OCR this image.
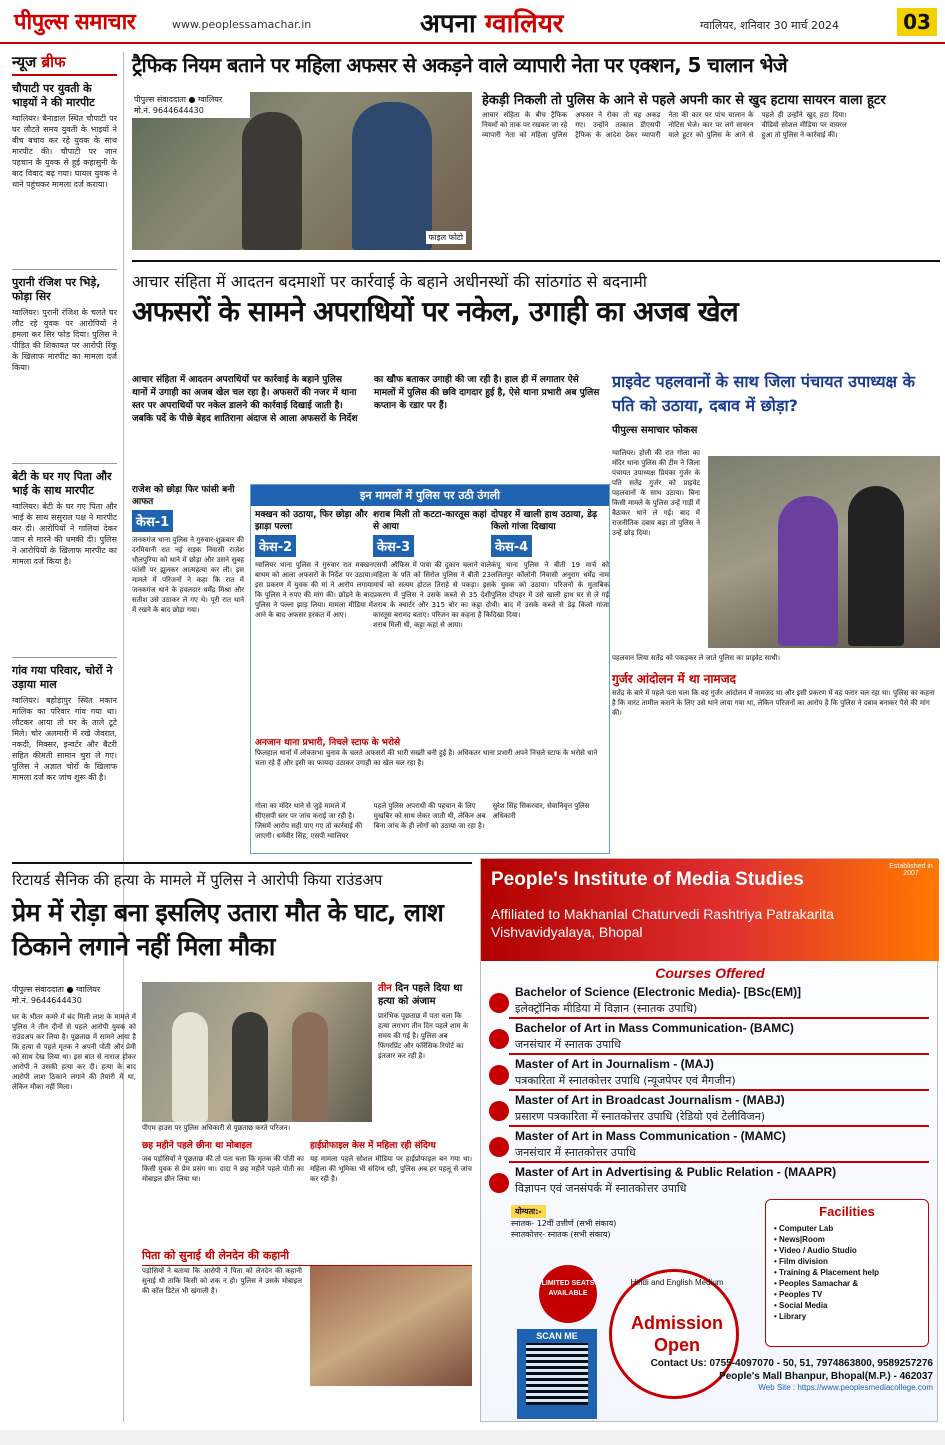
पीपुल्स समाचार	www.peoplessamachar.in	अपना ग्वालियर	ग्वालियर, शनिवार 30 मार्च 2024	03
न्यूज ब्रीफ
चौपाटी पर युवती के भाइयों ने की मारपीट
ग्वालियर। बैनाडाल स्थित चौपाटी पर घर लौटते समय युवती के भाइयों ने बीच बचाव कर रहे युवक के साथ मारपीट की। चौपाटी पर जान पहचान के युवक से हुई कहासुनी के बाद विवाद बढ़ गया। घायल युवक ने थाने पहुंचकर मामला दर्ज कराया।
पुरानी रंजिश पर भिड़े, फोड़ा सिर
ग्वालियर। पुरानी रंजिश के चलते घर लौट रहे युवक पर आरोपियों ने हमला कर सिर फोड़ दिया। पुलिस ने पीड़ित की शिकायत पर आरोपी रिंकू के खिलाफ मारपीट का मामला दर्ज किया।
बेटी के घर गए पिता और भाई के साथ मारपीट
ग्वालियर। बेटी के घर गए पिता और भाई के साथ ससुराल पक्ष ने मारपीट कर दी। आरोपियों ने गालियां देकर जान से मारने की धमकी दी। पुलिस ने आरोपियों के खिलाफ मारपीट का मामला दर्ज किया है।
गांव गया परिवार, चोरों ने उड़ाया माल
ग्वालियर। बहोड़ापुर स्थित मकान मालिक का परिवार गांव गया था। लौटकर आया तो घर के ताले टूटे मिले। चोर अलमारी में रखे जेवरात, नकदी, मिक्सर, इन्वर्टर और बैटरी सहित कीमती सामान चुरा ले गए। पुलिस ने अज्ञात चोरों के खिलाफ मामला दर्ज कर जांच शुरू की है।
ट्रैफिक नियम बताने पर महिला अफसर से अकड़ने वाले व्यापारी नेता पर एक्शन, 5 चालान भेजे
फाइल फोटो
पीपुल्स संवाददाता ● ग्वालियर
मो.नं. 9644644430
हेकड़ी निकली तो पुलिस के आने से पहले अपनी कार से खुद हटाया सायरन वाला हूटर
आचार संहिता के बीच ट्रैफिक नियमों को ताक पर रखकर जा रहे व्यापारी नेता को महिला पुलिस अफसर ने रोका तो वह अकड़ गए। उन्होंने तत्काल डीएसपी ट्रैफिक के आदेश देकर व्यापारी नेता की कार पर पांच चालान के नोटिस भेजे। कार पर लगे सायरन वाले हूटर को पुलिस के आने से पहले ही उन्होंने खुद हटा दिया। वीडियो सोशल मीडिया पर वायरल हुआ तो पुलिस ने कार्रवाई की।
आचार संहिता में आदतन बदमाशों पर कार्रवाई के बहाने अधीनस्थों की सांठगांठ से बदनामी
अफसरों के सामने अपराधियों पर नकेल, उगाही का अजब खेल
आचार संहिता में आदतन अपराधियों पर कार्रवाई के बहाने पुलिस थानों में उगाही का अजब खेल चल रहा है। अफसरों की नजर में थाना स्तर पर अपराधियों पर नकेल डालने की कार्रवाई दिखाई जाती है। जबकि पर्दे के पीछे बेहद शातिराना अंदाज से आला अफसरों के निर्देश का खौफ बताकर उगाही की जा रही है। हाल ही में लगातार ऐसे मामलों में पुलिस की छवि दागदार हुई है, ऐसे थाना प्रभारी अब पुलिस कप्तान के रडार पर हैं।
राजेश को छोड़ा फिर फांसी बनी आफत
केस-1
जनकगंज थाना पुलिस ने गुरुवार-शुक्रवार की दरमियानी रात नई सड़क निवासी राजेश धौलपुरिया को थाने में छोड़ा और उसने सुबह फांसी पर झूलकर आत्महत्या कर ली। इस मामले में परिजनों ने कहा कि रात में जनकगंज थाने के हवलदार धर्मेंद्र मिश्रा और सतीश उसे उठाकर ले गए थे। पूरी रात थाने में रखने के बाद छोड़ा गया।
इन मामलों में पुलिस पर उठी उंगली
मक्खन को उठाया, फिर छोड़ा और झाड़ा पल्ला
केस-2
ग्वालियर थाना पुलिस ने गुरुवार रात मक्खन बाथम को आला अफसरों के निर्देश पर उठाया। इस प्रकरण में युवक की मां ने आरोप लगाया कि पुलिस ने रुपए की मांग की। छोड़ने के बाद पुलिस ने पल्ला झाड़ लिया। मामला मीडिया में आने के बाद अफसर हरकत में आए।
शराब मिली तो कटटा-कारतूस कहां से आया
केस-3
एसपी ऑफिस में पाया की दुकान चलाने वाले महिला के पति को सिरोल पुलिस ने बीती 23 मार्च को सत्यम होटल तिराहे से पकड़ा। इस प्रकरण में पुलिस ने उसके कब्जे से 35 देशी शराब के क्वार्टर और 315 बोर का कट्टा दो कारतूस बरामद बताए। परिजन का कहना है कि शराब मिली थी, कट्टा कहां से आया।
दोपहर में खाली हाथ उठाया, डेढ़ किलो गांजा दिखाया
केस-4
कंपू थाना पुलिस ने बीती 19 मार्च को ललितपुर कॉलोनी निवासी अनुराग धर्मेंद्र नाम के युवक को उठाया। परिजनों के मुताबिक पुलिस दोपहर में उसे खाली हाथ घर से ले गई थी। बाद में उसके कब्जे से डेढ़ किलो गांजा दिखा दिया।
अनजान थाना प्रभारी, निचले स्टाफ के भरोसे
फिलहाल थानों में लोकसभा चुनाव के चलते अफसरों की भारी सख्ती बनी हुई है। अधिकतर थाना प्रभारी अपने निचले स्टाफ के भरोसे थाने चला रहे हैं और इसी का फायदा उठाकर उगाही का खेल चल रहा है।
गोला का मंदिर थाने से जुड़े मामले में सीएसपी स्तर पर जांच कराई जा रही है। जिसमें आरोप सही पाए गए तो कार्रवाई की जाएगी। धर्मवीर सिंह, एसपी ग्वालियर
पहले पुलिस अपराधी की पहचान के लिए मुखबिर को साथ लेकर जाती थी, लेकिन अब बिना जांच के ही लोगों को उठाया जा रहा है। सुरेश सिंह सिकरवार, सेवानिवृत्त पुलिस अधिकारी
प्राइवेट पहलवानों के साथ जिला पंचायत उपाध्यक्ष के पति को उठाया, दबाव में छोड़ा?
पीपुल्स समाचार फोकस
ग्वालियर। होली की रात गोला का मंदिर थाना पुलिस की टीम ने जिला पंचायत उपाध्यक्ष प्रियंका गुर्जर के पति सतेंद्र गुर्जर को प्राइवेट पहलवानों के साथ उठाया। बिना किसी मामले के पुलिस उन्हें गाड़ी में बैठाकर थाने ले गई। बाद में राजनीतिक दबाव बढ़ा तो पुलिस ने उन्हें छोड़ दिया।
पहलवान लिया सतेंद्र को पकड़कर ले जाते पुलिस का प्राइवेट साथी।
गुर्जर आंदोलन में था नामजद
सतेंद्र के बारे में पहले पता चला कि वह गुर्जर आंदोलन में नामजद था और इसी प्रकरण में वह फरार चल रहा था। पुलिस का कहना है कि वारंट तामील कराने के लिए उसे थाने लाया गया था, लेकिन परिजनों का आरोप है कि पुलिस ने दबाव बनाकर पैसे की मांग की।
रिटायर्ड सैनिक की हत्या के मामले में पुलिस ने आरोपी किया राउंडअप
प्रेम में रोड़ा बना इसलिए उतारा मौत के घाट, लाश ठिकाने लगाने नहीं मिला मौका
पीपुल्स संवाददाता ● ग्वालियर
मो.नं. 9644644430
घर के भीतर कमरे में बंद मिली लाश के मामले में पुलिस ने तीन दीनों से पहले आरोपी युवक को राउंडअप कर लिया है। पूछताछ में सामने आया है कि हत्या से पहले मृतक ने अपनी पोती और प्रेमी को साथ देख लिया था। इस बात से नाराज होकर आरोपी ने उसकी हत्या कर दी। हत्या के बाद आरोपी लाश ठिकाने लगाने की तैयारी में था, लेकिन मौका नहीं मिला।
पीएम हाउस पर पुलिस अधिकारी से पूछताछ करते परिजन।
तीन दिन पहले दिया था हत्या को अंजाम
प्रारंभिक पूछताछ में पता चला कि हत्या लगभग तीन दिन पहले शाम के समय की गई है। पुलिस अब फिंगरप्रिंट और फॉरेंसिक रिपोर्ट का इंतजार कर रही है।
छह महीने पहले छीना था मोबाइल
जब पड़ोसियों ने पूछताछ की तो पता चला कि मृतक की पोती का किसी युवक से प्रेम प्रसंग था। दादा ने छह महीने पहले पोती का मोबाइल छीन लिया था।
हाईप्रोफाइल केस में महिला रही संदिग्ध
यह मामला पहले सोशल मीडिया पर हाईप्रोफाइल बन गया था। महिला की भूमिका भी संदिग्ध रही, पुलिस अब हर पहलू से जांच कर रही है।
पिता को सुनाई थी लेनदेन की कहानी
पड़ोसियों ने बताया कि आरोपी ने पिता को लेनदेन की कहानी सुनाई थी ताकि किसी को शक न हो। पुलिस ने उसके मोबाइल की कॉल डिटेल भी खंगाली है।
People's Institute of Media Studies
Affiliated to Makhanlal Chaturvedi Rashtriya Patrakarita Vishvavidyalaya, Bhopal
Established in 2007
Courses Offered
Bachelor of Science (Electronic Media)- [BSc(EM)]
इलेक्ट्रॉनिक मीडिया में विज्ञान (स्नातक उपाधि)
Bachelor of Art in Mass Communication- (BAMC)
जनसंचार में स्नातक उपाधि
Master of Art in Journalism - (MAJ)
पत्रकारिता में स्नातकोत्तर उपाधि (न्यूजपेपर एवं मैगजीन)
Master of Art in Broadcast Journalism - (MABJ)
प्रसारण पत्रकारिता में स्नातकोत्तर उपाधि (रेडियो एवं टेलीविजन)
Master of Art in Mass Communication - (MAMC)
जनसंचार में स्नातकोत्तर उपाधि
Master of Art in Advertising & Public Relation - (MAAPR)
विज्ञापन एवं जनसंपर्क में स्नातकोत्तर उपाधि
योग्यता:-
स्नातक- 12वीं उत्तीर्ण (सभी संकाय)
स्नातकोत्तर- स्नातक (सभी संकाय)
Facilities
• Computer Lab
• News|Room
• Video / Audio Studio
• Film division
• Training & Placement help
• Peoples Samachar &
• Peoples TV
• Social Media
• Library
LIMITED SEATS AVAILABLE
SCAN ME
Hindi and English Medium
Admission Open
Contact Us: 0755-4097070 - 50, 51, 7974863800, 9589257276
People's Mall Bhanpur, Bhopal(M.P.) - 462037
Web Site : https://www.peoplesmediacollege.com
